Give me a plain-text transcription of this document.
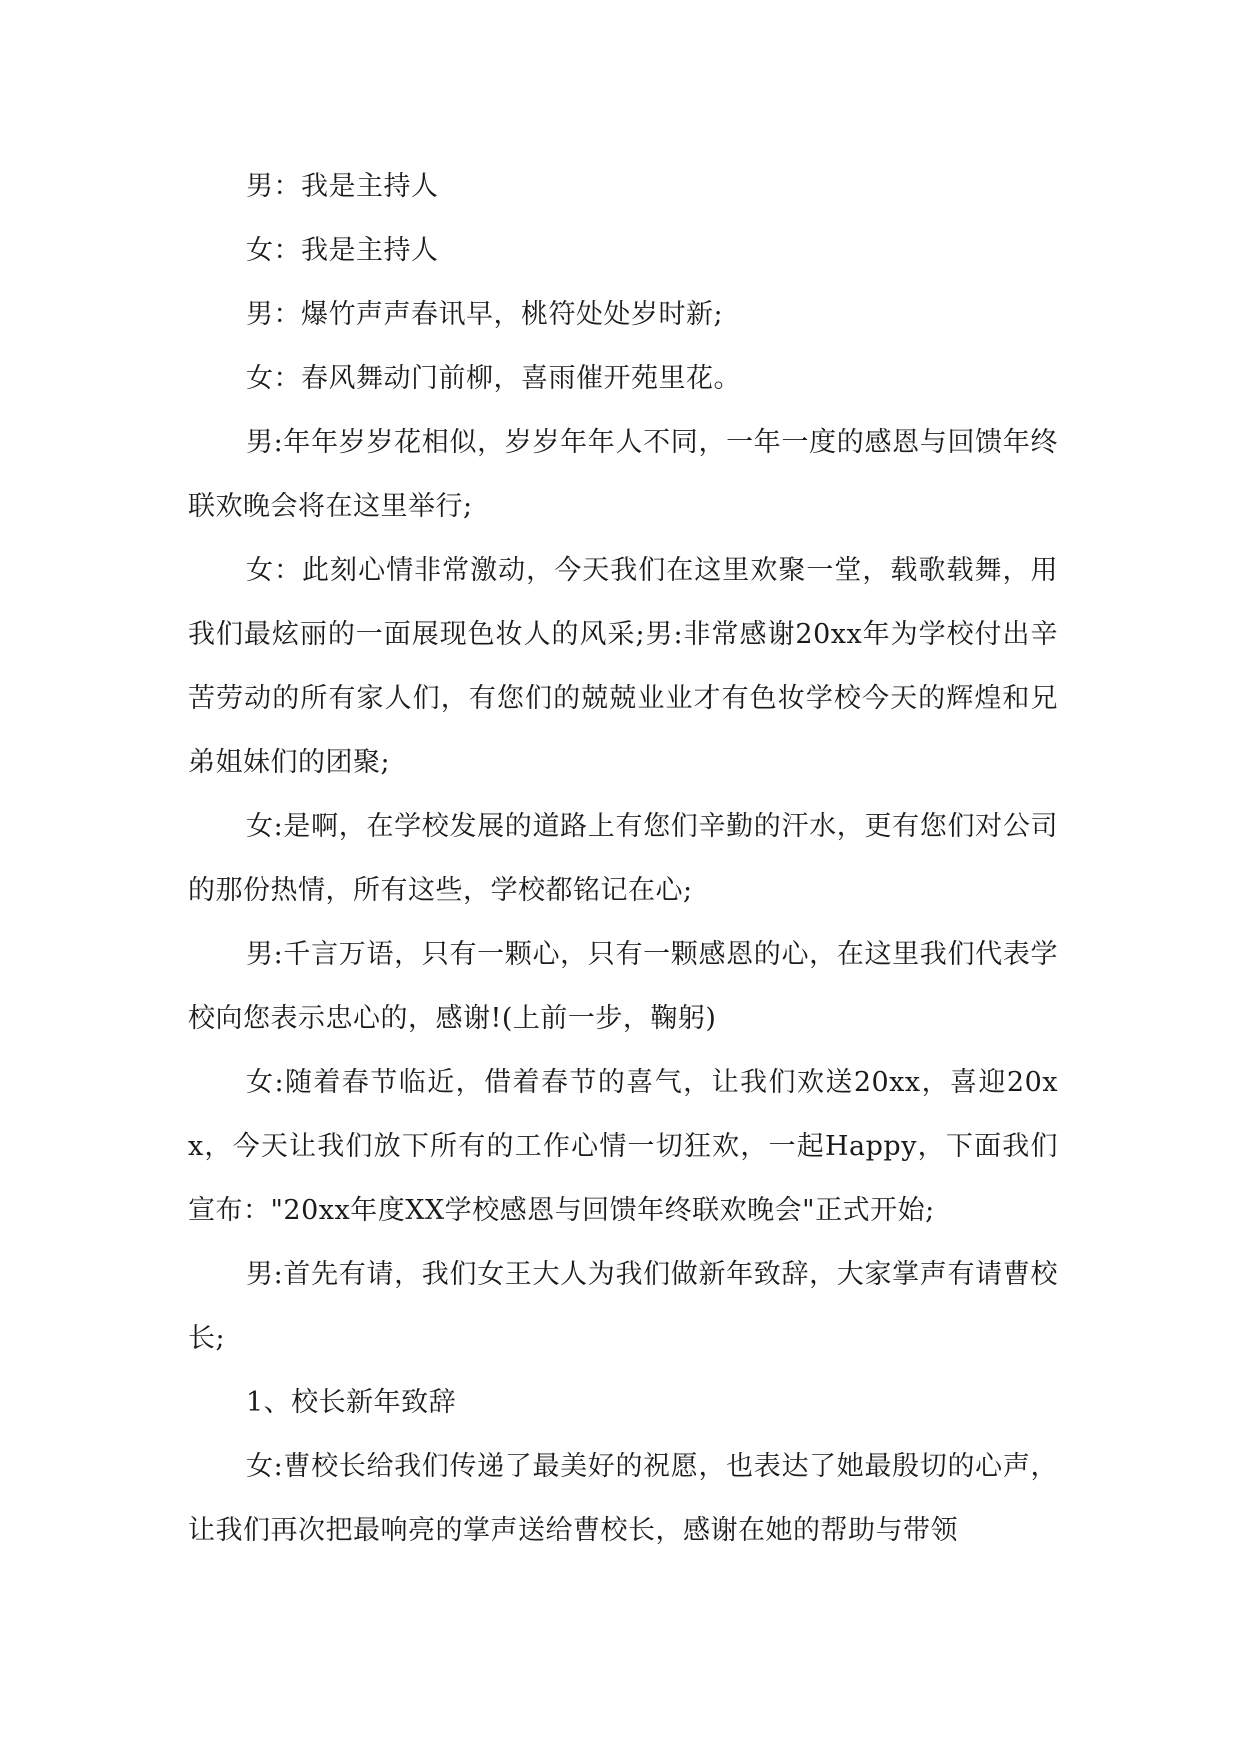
男：我是主持人

女：我是主持人

男：爆竹声声春讯早，桃符处处岁时新;

女：春风舞动门前柳，喜雨催开苑里花。

男:年年岁岁花相似，岁岁年年人不同，一年一度的感恩与回馈年终联欢晚会将在这里举行;

女：此刻心情非常激动，今天我们在这里欢聚一堂，载歌载舞，用我们最炫丽的一面展现色妆人的风采;男:非常感谢20xx年为学校付出辛苦劳动的所有家人们，有您们的兢兢业业才有色妆学校今天的辉煌和兄弟姐妹们的团聚;

女:是啊，在学校发展的道路上有您们辛勤的汗水，更有您们对公司的那份热情，所有这些，学校都铭记在心;

男:千言万语，只有一颗心，只有一颗感恩的心，在这里我们代表学校向您表示忠心的，感谢!(上前一步，鞠躬)

女:随着春节临近，借着春节的喜气，让我们欢送20xx，喜迎20xx，今天让我们放下所有的工作心情一切狂欢，一起Happy，下面我们宣布："20xx年度XX学校感恩与回馈年终联欢晚会"正式开始;

男:首先有请，我们女王大人为我们做新年致辞，大家掌声有请曹校长;

1、校长新年致辞

女:曹校长给我们传递了最美好的祝愿，也表达了她最殷切的心声，让我们再次把最响亮的掌声送给曹校长，感谢在她的帮助与带领
